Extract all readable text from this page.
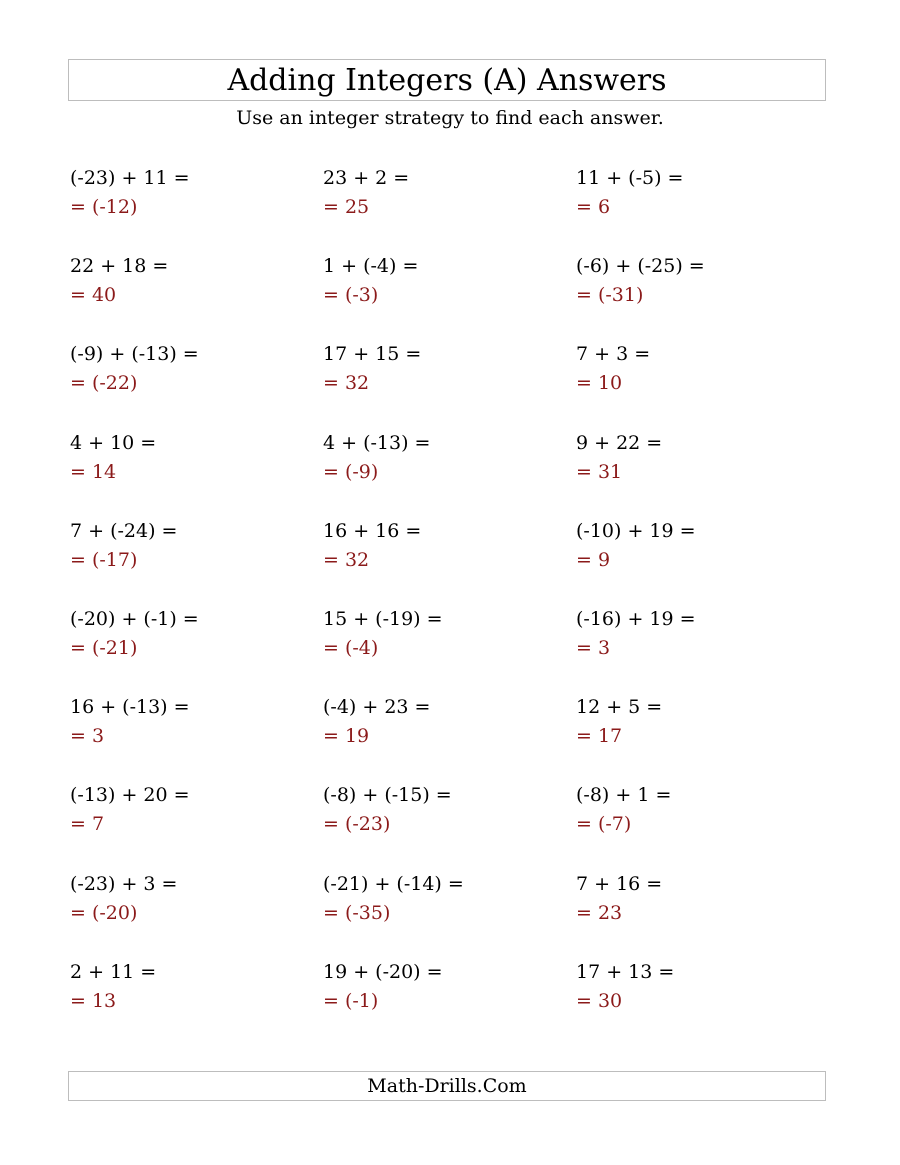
Adding Integers (A) Answers
Use an integer strategy to find each answer.
(-23) + 11 =
= (-12)
23 + 2 =
= 25
11 + (-5) =
= 6
22 + 18 =
= 40
1 + (-4) =
= (-3)
(-6) + (-25) =
= (-31)
(-9) + (-13) =
= (-22)
17 + 15 =
= 32
7 + 3 =
= 10
4 + 10 =
= 14
4 + (-13) =
= (-9)
9 + 22 =
= 31
7 + (-24) =
= (-17)
16 + 16 =
= 32
(-10) + 19 =
= 9
(-20) + (-1) =
= (-21)
15 + (-19) =
= (-4)
(-16) + 19 =
= 3
16 + (-13) =
= 3
(-4) + 23 =
= 19
12 + 5 =
= 17
(-13) + 20 =
= 7
(-8) + (-15) =
= (-23)
(-8) + 1 =
= (-7)
(-23) + 3 =
= (-20)
(-21) + (-14) =
= (-35)
7 + 16 =
= 23
2 + 11 =
= 13
19 + (-20) =
= (-1)
17 + 13 =
= 30
Math-Drills.Com
